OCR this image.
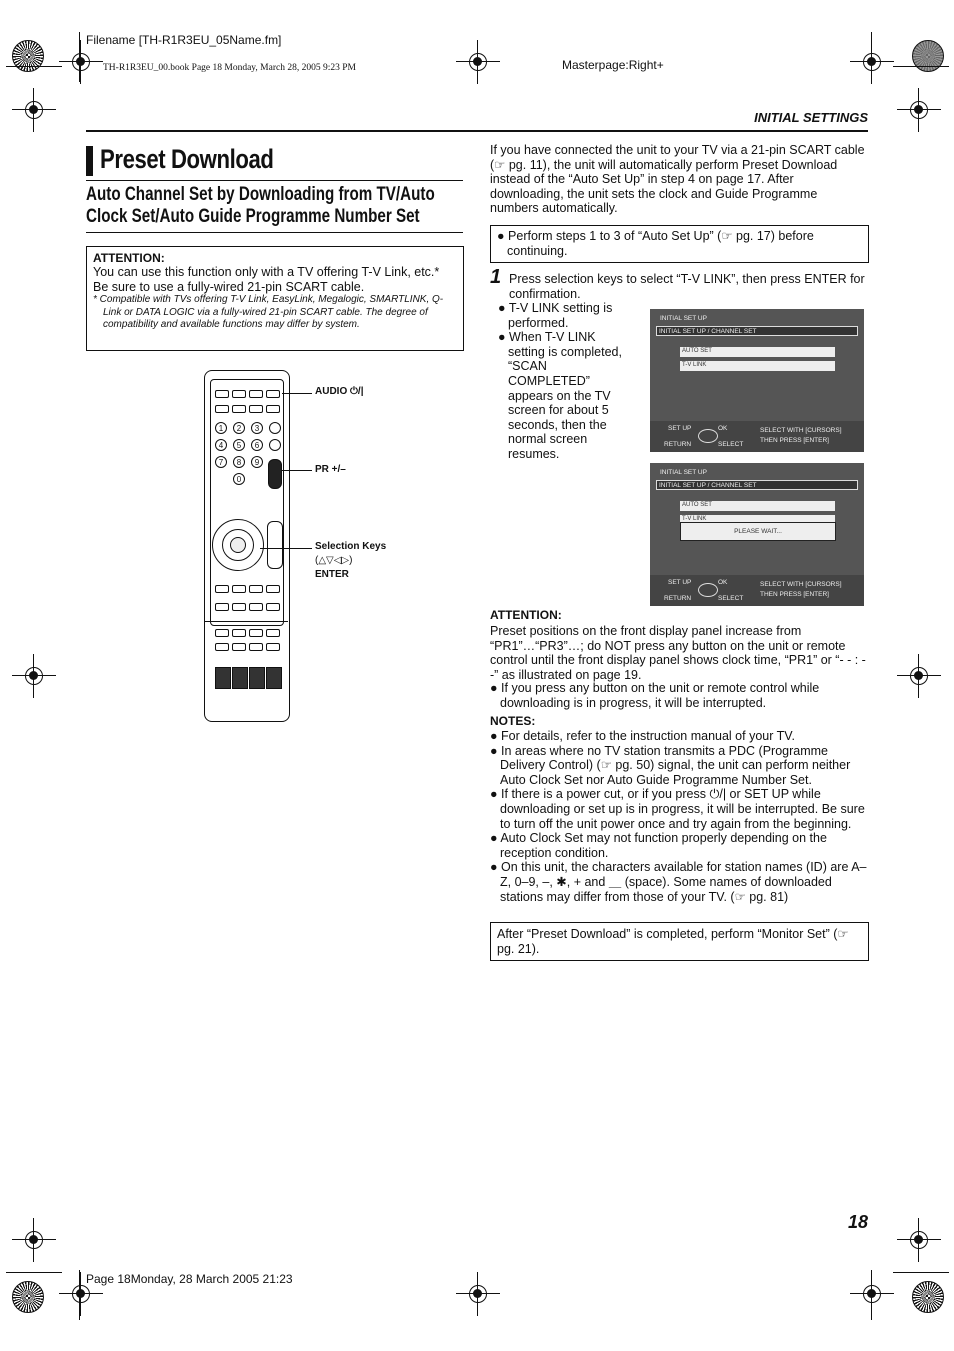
Filename [TH-R1R3EU_05Name.fm]
TH-R1R3EU_00.book Page 18 Monday, March 28, 2005 9:23 PM	Masterpage:Right+
INITIAL SETTINGS
Preset Download
Auto Channel Set by Downloading from TV/Auto Clock Set/Auto Guide Programme Number Set
ATTENTION:
You can use this function only with a TV offering T-V Link, etc.* Be sure to use a fully-wired 21-pin SCART cable.
* Compatible with TVs offering T-V Link, EasyLink, Megalogic, SMARTLINK, Q-Link or DATA LOGIC via a fully-wired 21-pin SCART cable. The degree of compatibility and available functions may differ by system.
1	2	3
4	5	6
7	8	9
0
AUDIO ⏻/|
PR +/–
Selection Keys
(△▽◁▷)
ENTER
If you have connected the unit to your TV via a 21-pin SCART cable (☞ pg. 11), the unit will automatically perform Preset Download instead of the “Auto Set Up” in step 4 on page 17. After downloading, the unit sets the clock and Guide Programme numbers automatically.

● Perform steps 1 to 3 of “Auto Set Up” (☞ pg. 17) before continuing.

1 Press selection keys to select “T-V LINK”, then press ENTER for confirmation.

● T-V LINK setting is performed.

● When T-V LINK setting is completed, “SCAN COMPLETED” appears on the TV screen for about 5 seconds, then the normal screen resumes.

INITIAL SET UP
INITIAL SET UP / CHANNEL SET
AUTO SET
T-V LINK
SET UP
RETURN
OK
SELECT
SELECT WITH [CURSORS]
THEN PRESS [ENTER]
INITIAL SET UP
INITIAL SET UP / CHANNEL SET
AUTO SET
T-V LINK
PLEASE WAIT...
SET UP
RETURN
OK
SELECT
SELECT WITH [CURSORS]
THEN PRESS [ENTER]
ATTENTION:
Preset positions on the front display panel increase from “PR1”…“PR3”…; do NOT press any button on the unit or remote control until the front display panel shows clock time, “PR1” or “- - : - -” as illustrated on page 19.

● If you press any button on the unit or remote control while downloading is in progress, it will be interrupted.

NOTES:

● For details, refer to the instruction manual of your TV.

● In areas where no TV station transmits a PDC (Programme Delivery Control) (☞ pg. 50) signal, the unit can perform neither Auto Clock Set nor Auto Guide Programme Number Set.

● If there is a power cut, or if you press ⏻/| or SET UP while downloading or set up is in progress, it will be interrupted. Be sure to turn off the unit power once and try again from the beginning.

● Auto Clock Set may not function properly depending on the reception condition.

● On this unit, the characters available for station names (ID) are A–Z, 0–9, –, ✱, + and ＿ (space). Some names of downloaded stations may differ from those of your TV. (☞ pg. 81)

After “Preset Download” is completed, perform “Monitor Set” (☞ pg. 21).
18
Page 18Monday, 28 March 2005 21:23
